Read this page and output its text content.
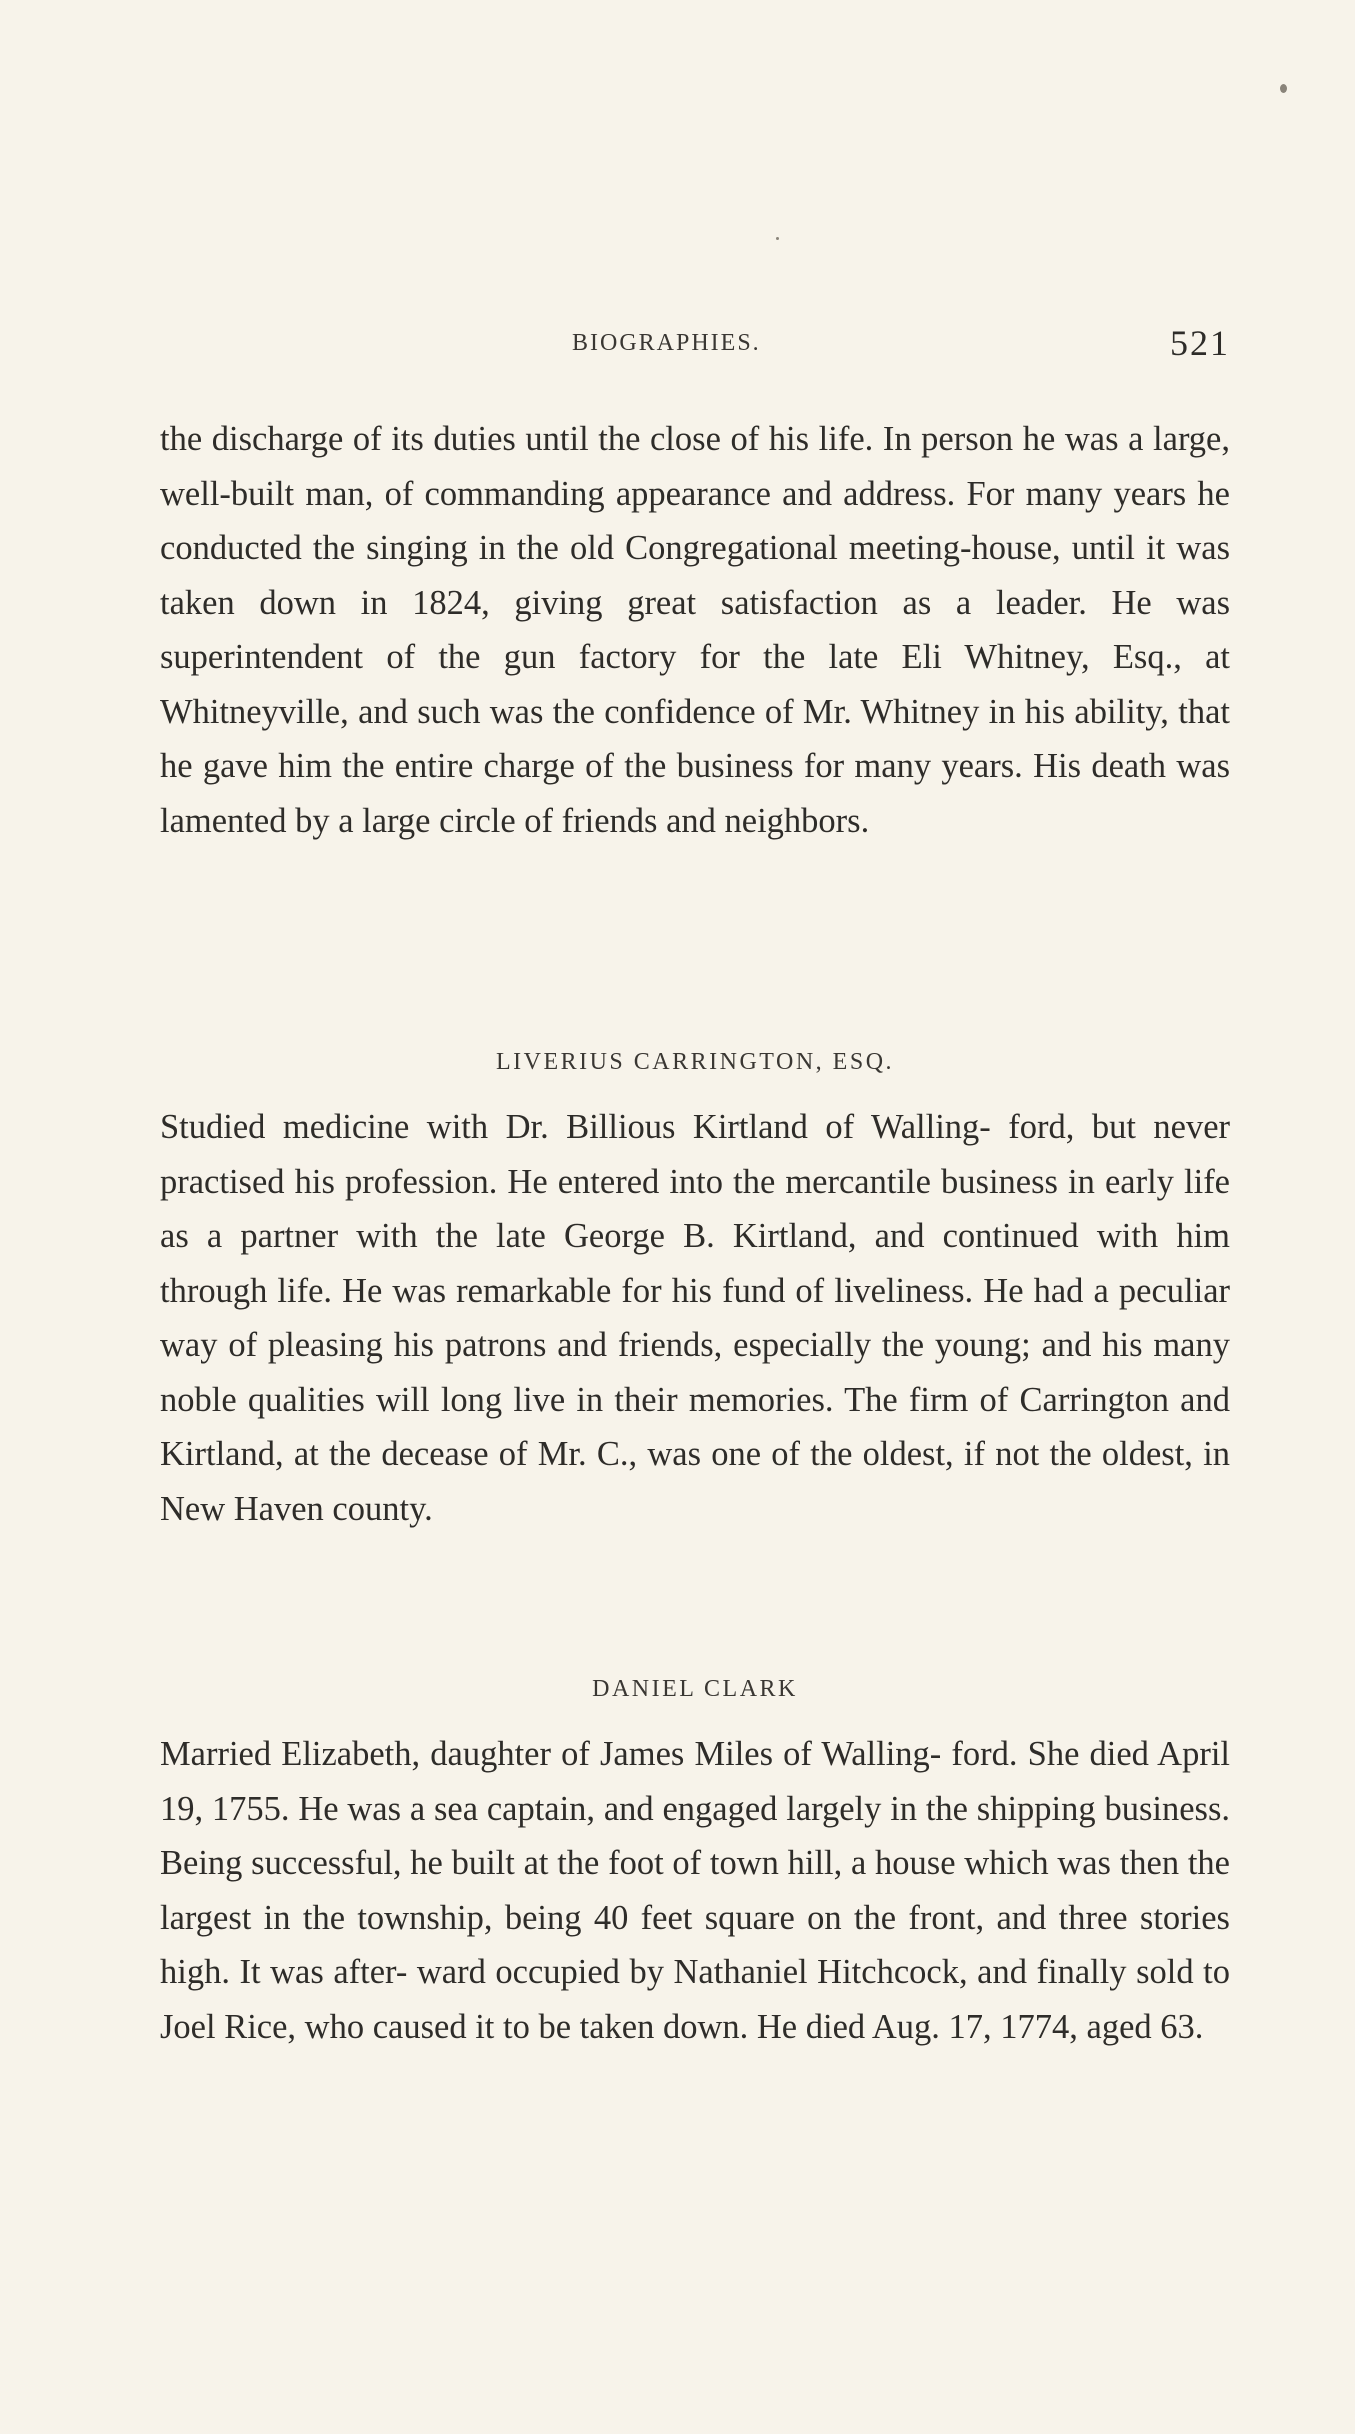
BIOGRAPHIES.	521

the discharge of its duties until the close of his life. In person he was a large, well-built man, of commanding appearance and address. For many years he conducted the singing in the old Congregational meeting-house, until it was taken down in 1824, giving great satisfaction as a leader. He was superintendent of the gun factory for the late Eli Whitney, Esq., at Whitneyville, and such was the confidence of Mr. Whitney in his ability, that he gave him the entire charge of the business for many years. His death was lamented by a large circle of friends and neighbors.

LIVERIUS CARRINGTON, ESQ.

Studied medicine with Dr. Billious Kirtland of Walling- ford, but never practised his profession. He entered into the mercantile business in early life as a partner with the late George B. Kirtland, and continued with him through life. He was remarkable for his fund of liveliness. He had a peculiar way of pleasing his patrons and friends, especially the young; and his many noble qualities will long live in their memories. The firm of Carrington and Kirtland, at the decease of Mr. C., was one of the oldest, if not the oldest, in New Haven county.

DANIEL CLARK

Married Elizabeth, daughter of James Miles of Walling- ford. She died April 19, 1755. He was a sea captain, and engaged largely in the shipping business. Being successful, he built at the foot of town hill, a house which was then the largest in the township, being 40 feet square on the front, and three stories high. It was after- ward occupied by Nathaniel Hitchcock, and finally sold to Joel Rice, who caused it to be taken down. He died Aug. 17, 1774, aged 63.
